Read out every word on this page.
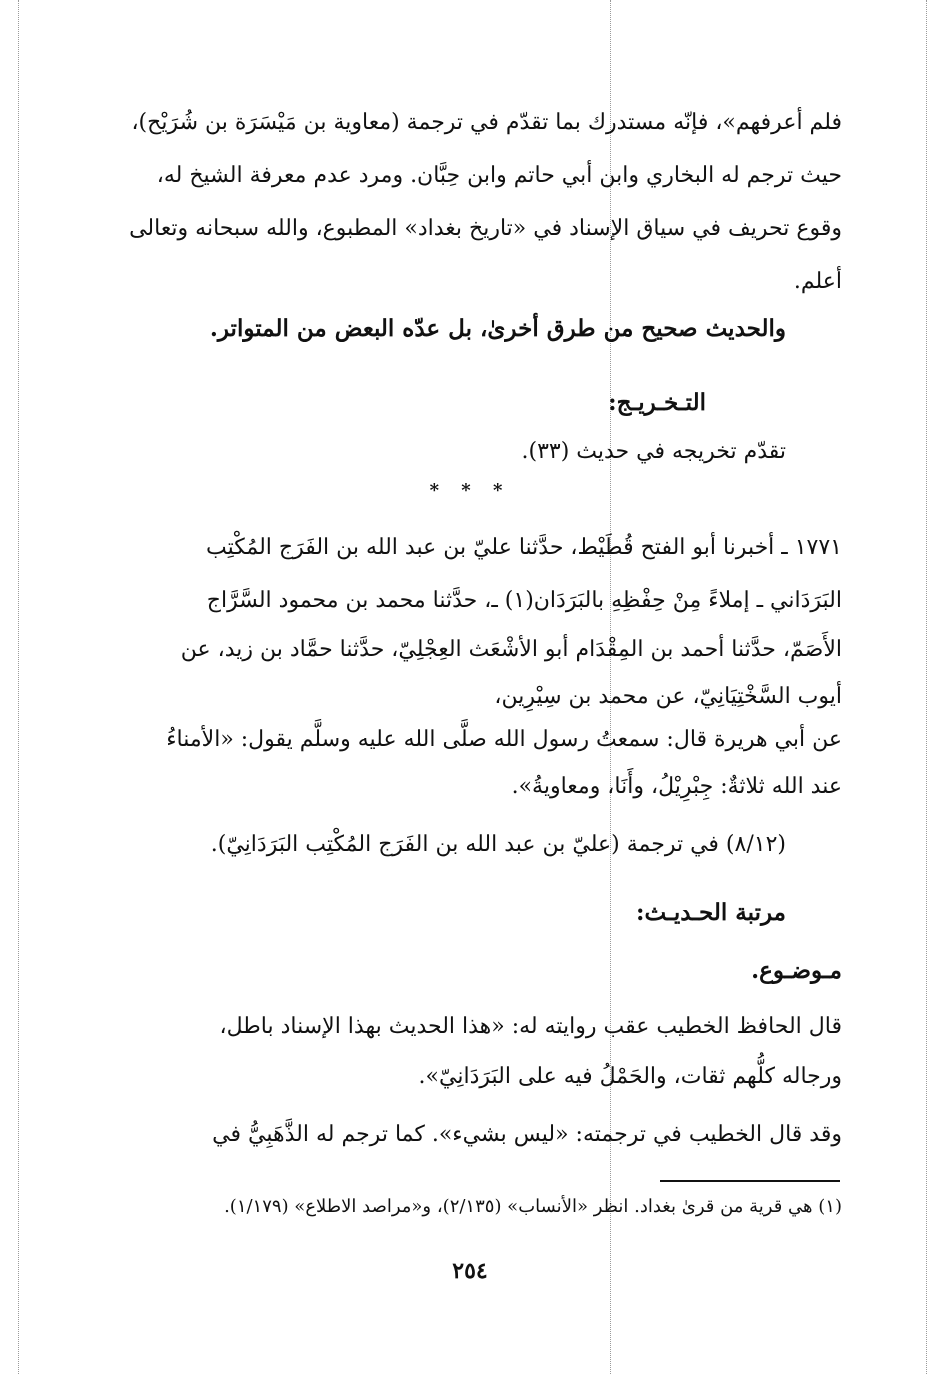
فلم أعرفهم»، فإنّه مستدرك بما تقدّم في ترجمة (معاوية بن مَيْسَرَة بن شُرَيْح)،
حيث ترجم له البخاري وابن أبي حاتم وابن حِبَّان. ومرد عدم معرفة الشيخ له،
وقوع تحريف في سياق الإسناد في «تاريخ بغداد» المطبوع، والله سبحانه وتعالى
أعلم.
والحديث صحيح من طرق أخرىٰ، بل عدّه البعض من المتواتر.
التـخـريـج:
تقدّم تخريجه في حديث (٣٣).
* * *
١٧٧١ ـ أخبرنا أبو الفتح قُطَيْط، حدَّثنا عليّ بن عبد الله بن الفَرَج المُكْتِب
البَرَدَاني ـ إملاءً مِنْ حِفْظِهِ بالبَرَدَان(١) ـ، حدَّثنا محمد بن محمود السَّرَّاج
الأَصَمّ، حدَّثنا أحمد بن المِقْدَام أبو الأشْعَث العِجْلِيّ، حدَّثنا حمَّاد بن زيد، عن
أيوب السَّخْتِيَانِيّ، عن محمد بن سِيْرِين،
عن أبي هريرة قال: سمعتُ رسول الله صلَّى الله عليه وسلَّم يقول: «الأمناءُ
عند الله ثلاثةٌ: جِبْرِيْلُ، وأَنَا، ومعاويةُ».
(٨/١٢) في ترجمة (عليّ بن عبد الله بن الفَرَج المُكْتِب البَرَدَانِيّ).
مرتبة الحـديـث:
مـوضـوع.
قال الحافظ الخطيب عقب روايته له: «هذا الحديث بهذا الإسناد باطل،
ورجاله كلُّهم ثقات، والحَمْلُ فيه على البَرَدَانِيّ».
وقد قال الخطيب في ترجمته: «ليس بشيء». كما ترجم له الذَّهَبِيُّ في
(١) هي قرية من قرىٰ بغداد. انظر «الأنساب» (٢/١٣٥)، و«مراصد الاطلاع» (١/١٧٩).
٢٥٤
